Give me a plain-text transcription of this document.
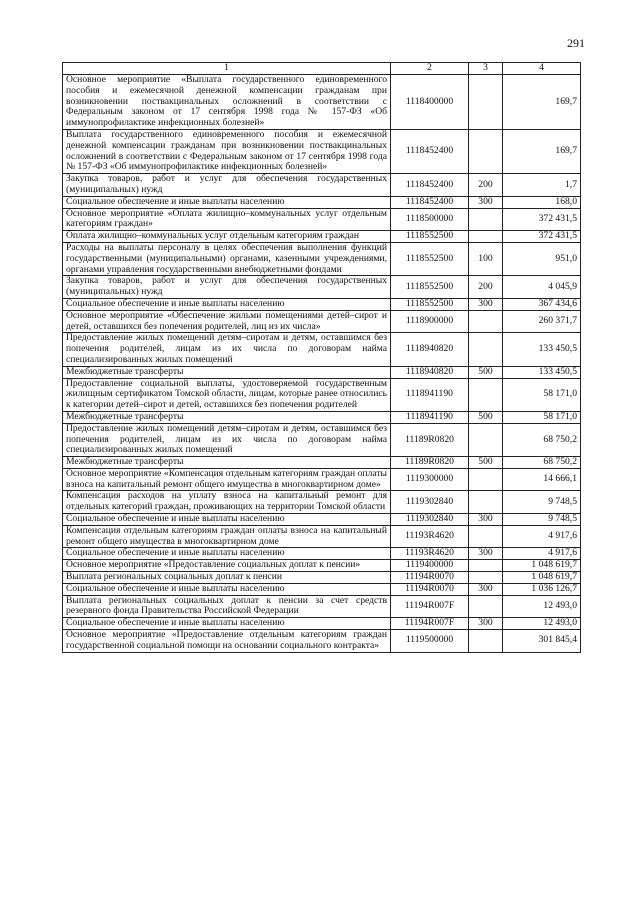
291
1	2	3	4
Основное мероприятие «Выплата государственного единовременного пособия и ежемесячной денежной компенсации гражданам при возникновении поствакцинальных осложнений в соответствии с Федеральным законом от 17 сентября 1998 года № 157-ФЗ «Об иммунопрофилактике инфекционных болезней»	1118400000		169,7
Выплата государственного единовременного пособия и ежемесячной денежной компенсации гражданам при возникновении поствакцинальных осложнений в соответствии с Федеральным законом от 17 сентября 1998 года № 157-ФЗ «Об иммунопрофилактике инфекционных болезней»	1118452400		169,7
Закупка товаров, работ и услуг для обеспечения государственных (муниципальных) нужд	1118452400	200	1,7
Социальное обеспечение и иные выплаты населению	1118452400	300	168,0
Основное мероприятие «Оплата жилищно–коммунальных услуг отдельным категориям граждан»	1118500000		372 431,5
Оплата жилищно–коммунальных услуг отдельным категориям граждан	1118552500		372 431,5
Расходы на выплаты персоналу в целях обеспечения выполнения функций государственными (муниципальными) органами, казенными учреждениями, органами управления государственными внебюджетными фондами	1118552500	100	951,0
Закупка товаров, работ и услуг для обеспечения государственных (муниципальных) нужд	1118552500	200	4 045,9
Социальное обеспечение и иные выплаты населению	1118552500	300	367 434,6
Основное мероприятие «Обеспечение жильми помещениями детей–сирот и детей, оставшихся без попечения родителей, лиц из их числа»	1118900000		260 371,7
Предоставление жилых помещений детям–сиротам и детям, оставшимся без попечения родителей, лицам из их числа по договорам найма специализированных жилых помещений	1118940820		133 450,5
Межбюджетные трансферты	1118940820	500	133 450,5
Предоставление социальной выплаты, удостоверяемой государственным жилищным сертификатом Томской области, лицам, которые ранее относились к категории детей–сирот и детей, оставшихся без попечения родителей	1118941190		58 171,0
Межбюджетные трансферты	1118941190	500	58 171,0
Предоставление жилых помещений детям–сиротам и детям, оставшимся без попечения родителей, лицам из их числа по договорам найма специализированных жилых помещений	11189R0820		68 750,2
Межбюджетные трансферты	11189R0820	500	68 750,2
Основное мероприятие «Компенсация отдельным категориям граждан оплаты взноса на капитальный ремонт общего имущества в многоквартирном доме»	1119300000		14 666,1
Компенсация расходов на уплату взноса на капитальный ремонт для отдельных категорий граждан, проживающих на территории Томской области	1119302840		9 748,5
Социальное обеспечение и иные выплаты населению	1119302840	300	9 748,5
Компенсация отдельным категориям граждан оплаты взноса на капитальный ремонт общего имущества в многоквартирном доме	11193R4620		4 917,6
Социальное обеспечение и иные выплаты населению	11193R4620	300	4 917,6
Основное мероприятие «Предоставление социальных доплат к пенсии»	1119400000		1 048 619,7
Выплата региональных социальных доплат к пенсии	11194R0070		1 048 619,7
Социальное обеспечение и иные выплаты населению	11194R0070	300	1 036 126,7
Выплата региональных социальных доплат к пенсии за счет средств резервного фонда Правительства Российской Федерации	11194R007F		12 493,0
Социальное обеспечение и иные выплаты населению	11194R007F	300	12 493,0
Основное мероприятие «Предоставление отдельным категориям граждан государственной социальной помощи на основании социального контракта»	1119500000		301 845,4
